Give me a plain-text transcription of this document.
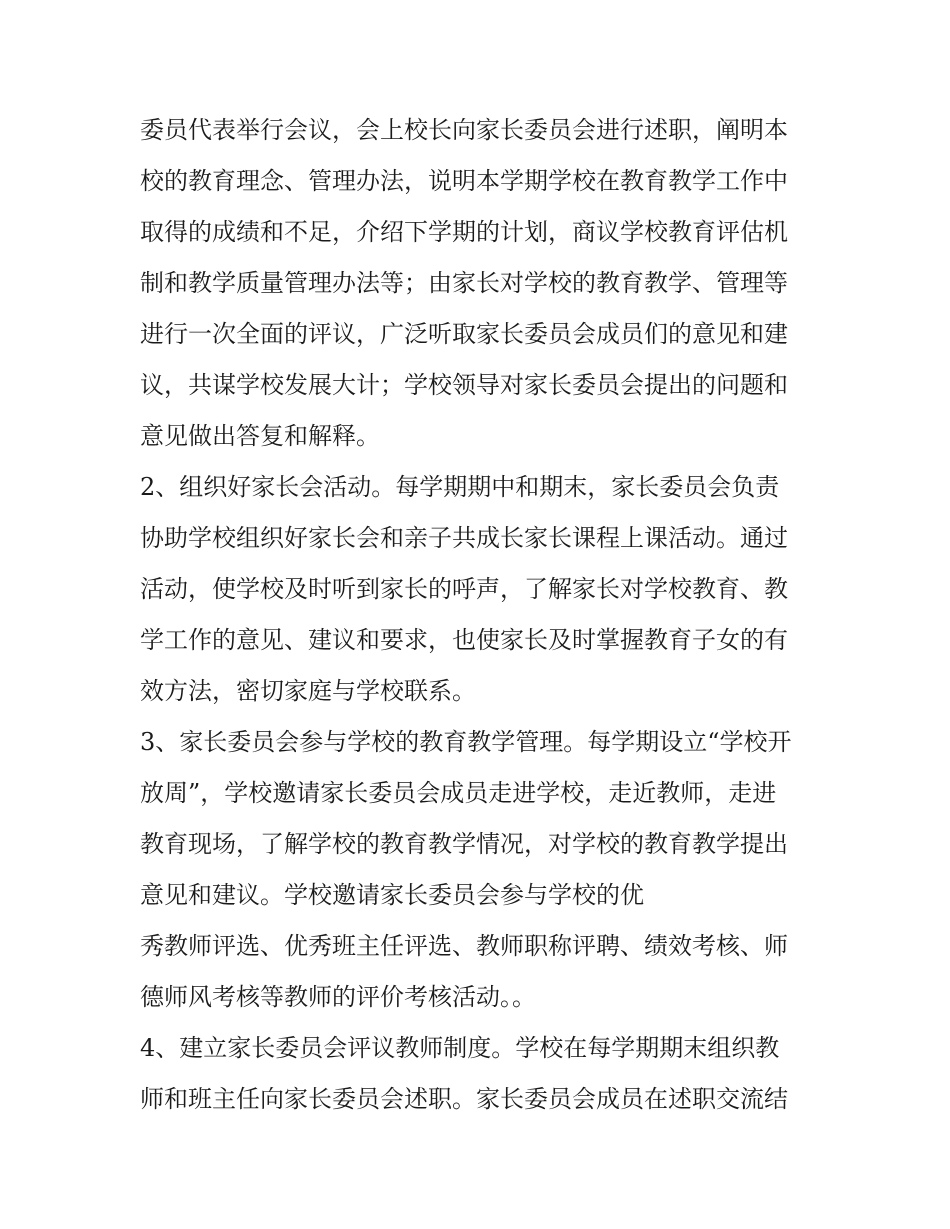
委员代表举行会议，会上校长向家长委员会进行述职，阐明本
校的教育理念、管理办法，说明本学期学校在教育教学工作中
取得的成绩和不足，介绍下学期的计划，商议学校教育评估机
制和教学质量管理办法等；由家长对学校的教育教学、管理等
进行一次全面的评议，广泛听取家长委员会成员们的意见和建
议，共谋学校发展大计；学校领导对家长委员会提出的问题和
意见做出答复和解释。
2、组织好家长会活动。每学期期中和期末，家长委员会负责
协助学校组织好家长会和亲子共成长家长课程上课活动。通过
活动，使学校及时听到家长的呼声，了解家长对学校教育、教
学工作的意见、建议和要求，也使家长及时掌握教育子女的有
效方法，密切家庭与学校联系。
3、家长委员会参与学校的教育教学管理。每学期设立“学校开
放周”，学校邀请家长委员会成员走进学校，走近教师，走进
教育现场，了解学校的教育教学情况，对学校的教育教学提出
意见和建议。学校邀请家长委员会参与学校的优
秀教师评选、优秀班主任评选、教师职称评聘、绩效考核、师
德师风考核等教师的评价考核活动。。
4、建立家长委员会评议教师制度。学校在每学期期末组织教
师和班主任向家长委员会述职。家长委员会成员在述职交流结
